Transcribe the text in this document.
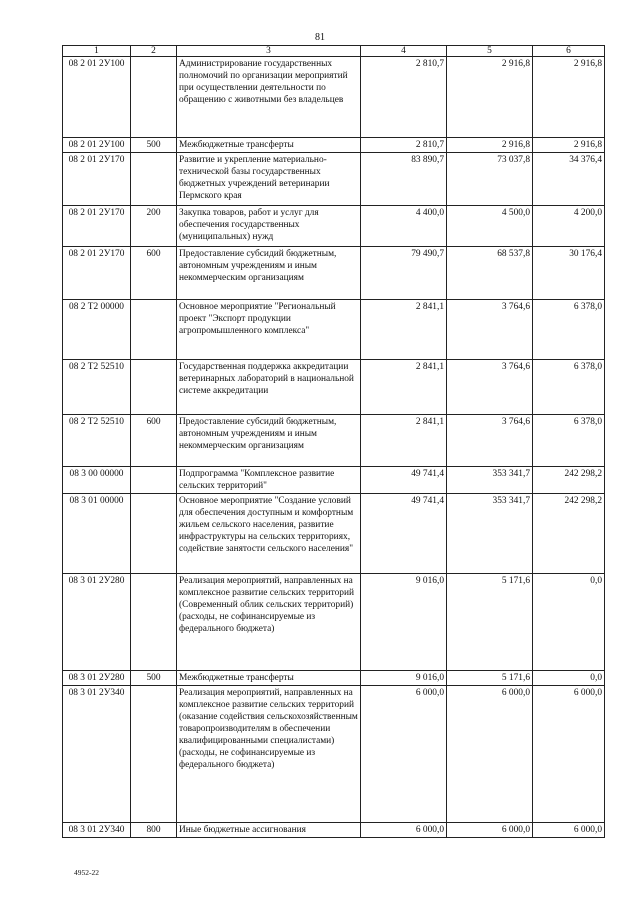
81
1	2	3	4	5	6
08 2 01 2У100		Администрирование государственных полномочий по организации мероприятий при осуществлении деятельности по обращению с животными без владельцев	2 810,7	2 916,8	2 916,8
08 2 01 2У100	500	Межбюджетные трансферты	2 810,7	2 916,8	2 916,8
08 2 01 2У170		Развитие и укрепление материально-технической базы государственных бюджетных учреждений ветеринарии Пермского края	83 890,7	73 037,8	34 376,4
08 2 01 2У170	200	Закупка товаров, работ и услуг для обеспечения государственных (муниципальных) нужд	4 400,0	4 500,0	4 200,0
08 2 01 2У170	600	Предоставление субсидий бюджетным, автономным учреждениям и иным некоммерческим организациям	79 490,7	68 537,8	30 176,4
08 2 Т2 00000		Основное мероприятие "Региональный проект "Экспорт продукции агропромышленного комплекса"	2 841,1	3 764,6	6 378,0
08 2 Т2 52510		Государственная поддержка аккредитации ветеринарных лабораторий в национальной системе аккредитации	2 841,1	3 764,6	6 378,0
08 2 Т2 52510	600	Предоставление субсидий бюджетным, автономным учреждениям и иным некоммерческим организациям	2 841,1	3 764,6	6 378,0
08 3 00 00000		Подпрограмма "Комплексное развитие сельских территорий"	49 741,4	353 341,7	242 298,2
08 3 01 00000		Основное мероприятие "Создание условий для обеспечения доступным и комфортным жильем сельского населения, развитие инфраструктуры на сельских территориях, содействие занятости сельского населения"	49 741,4	353 341,7	242 298,2
08 3 01 2У280		Реализация мероприятий, направленных на комплексное развитие сельских территорий (Современный облик сельских территорий) (расходы, не софинансируемые из федерального бюджета)	9 016,0	5 171,6	0,0
08 3 01 2У280	500	Межбюджетные трансферты	9 016,0	5 171,6	0,0
08 3 01 2У340		Реализация мероприятий, направленных на комплексное развитие сельских территорий (оказание содействия сельскохозяйственным товаропроизводителям в обеспечении квалифицированными специалистами) (расходы, не софинансируемые из федерального бюджета)	6 000,0	6 000,0	6 000,0
08 3 01 2У340	800	Иные бюджетные ассигнования	6 000,0	6 000,0	6 000,0
4952-22
